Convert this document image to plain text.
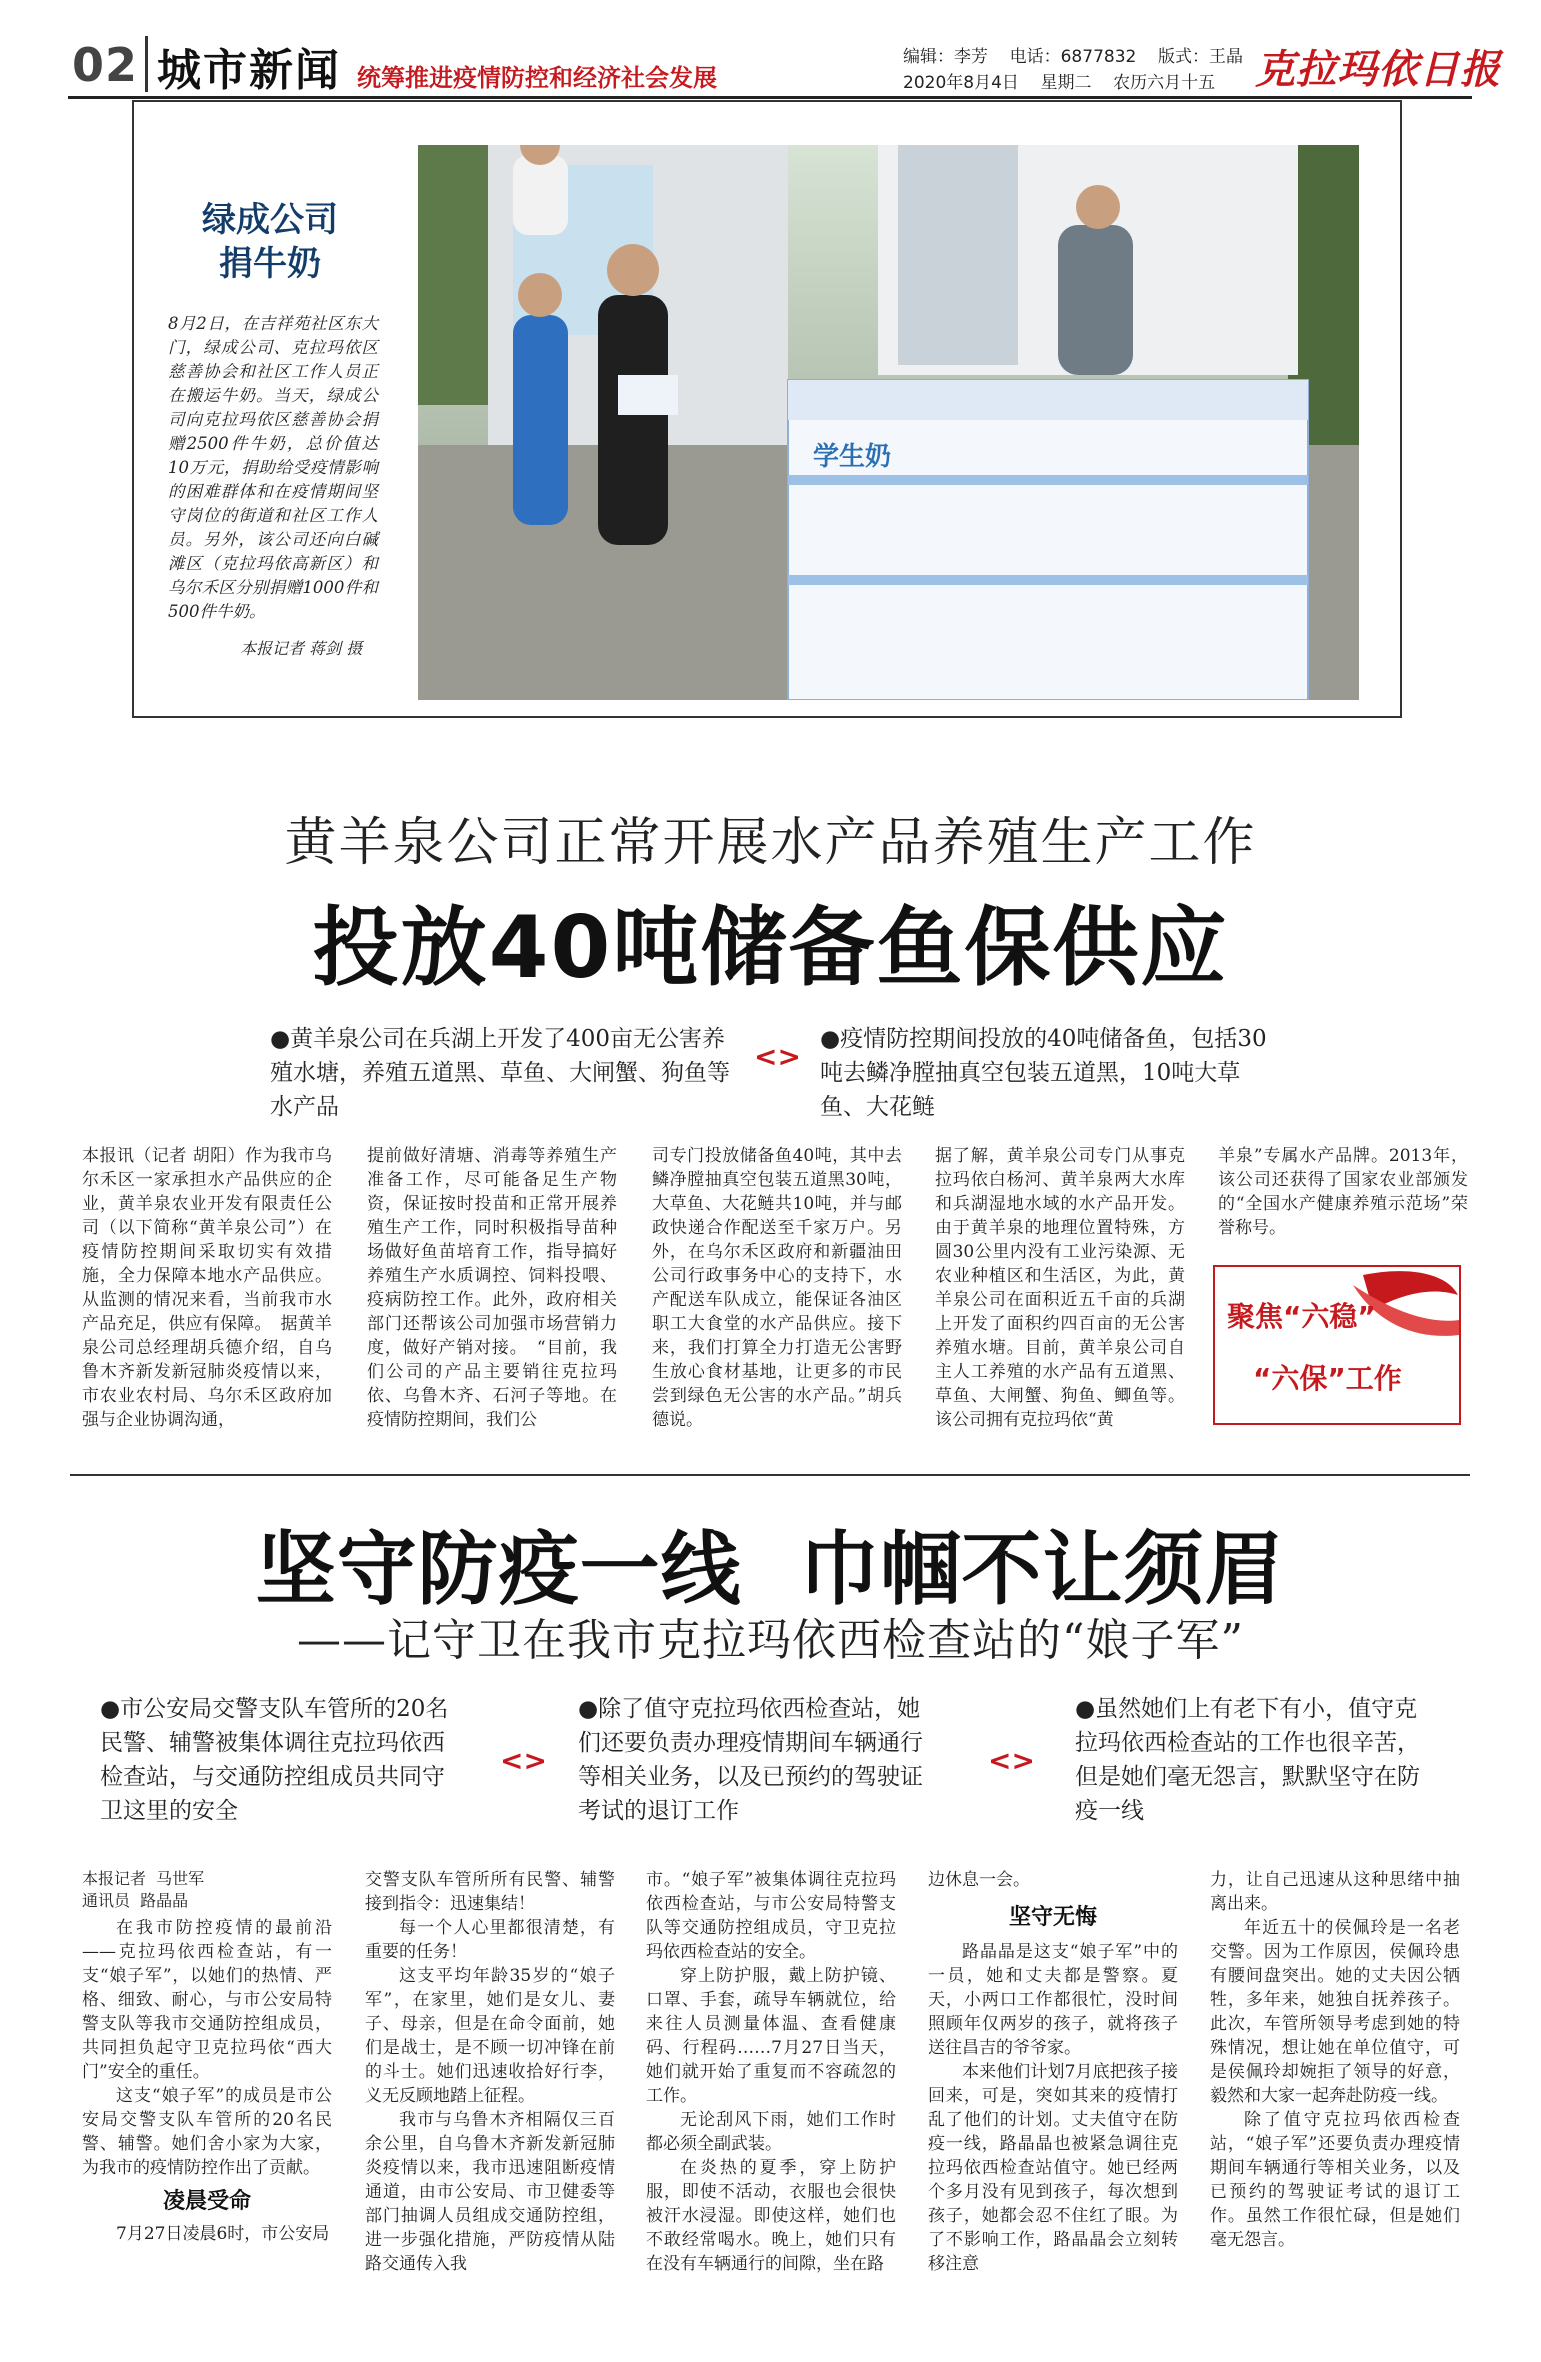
02 城市新闻 统筹推进疫情防控和经济社会发展
编辑：李芳    电话：6877832    版式：王晶
2020年8月4日    星期二    农历六月十五 克拉玛依日报
绿成公司
捐牛奶
8月2日，在吉祥苑社区东大门，绿成公司、克拉玛依区慈善协会和社区工作人员正在搬运牛奶。当天，绿成公司向克拉玛依区慈善协会捐赠2500件牛奶，总价值达10万元，捐助给受疫情影响的困难群体和在疫情期间坚守岗位的街道和社区工作人员。另外，该公司还向白碱滩区（克拉玛依高新区）和乌尔禾区分别捐赠1000件和500件牛奶。
本报记者 蒋剑 摄
学生奶
黄羊泉公司正常开展水产品养殖生产工作
投放40吨储备鱼保供应
●黄羊泉公司在兵湖上开发了400亩无公害养殖水塘，养殖五道黑、草鱼、大闸蟹、狗鱼等水产品
<>
●疫情防控期间投放的40吨储备鱼，包括30吨去鳞净膛抽真空包装五道黑，10吨大草鱼、大花鲢
本报讯（记者 胡阳）作为我市乌尔禾区一家承担水产品供应的企业，黄羊泉农业开发有限责任公司（以下简称“黄羊泉公司”）在疫情防控期间采取切实有效措施，全力保障本地水产品供应。从监测的情况来看，当前我市水产品充足，供应有保障。　据黄羊泉公司总经理胡兵德介绍，自乌鲁木齐新发新冠肺炎疫情以来，市农业农村局、乌尔禾区政府加强与企业协调沟通，
提前做好清塘、消毒等养殖生产准备工作，尽可能备足生产物资，保证按时投苗和正常开展养殖生产工作，同时积极指导苗种场做好鱼苗培育工作，指导搞好养殖生产水质调控、饲料投喂、疫病防控工作。此外，政府相关部门还帮该公司加强市场营销力度，做好产销对接。　“目前，我们公司的产品主要销往克拉玛依、乌鲁木齐、石河子等地。在疫情防控期间，我们公
司专门投放储备鱼40吨，其中去鳞净膛抽真空包装五道黑30吨，大草鱼、大花鲢共10吨，并与邮政快递合作配送至千家万户。另外，在乌尔禾区政府和新疆油田公司行政事务中心的支持下，水产配送车队成立，能保证各油区职工大食堂的水产品供应。接下来，我们打算全力打造无公害野生放心食材基地，让更多的市民尝到绿色无公害的水产品。”胡兵德说。
据了解，黄羊泉公司专门从事克拉玛依白杨河、黄羊泉两大水库和兵湖湿地水域的水产品开发。由于黄羊泉的地理位置特殊，方圆30公里内没有工业污染源、无农业种植区和生活区，为此，黄羊泉公司在面积近五千亩的兵湖上开发了面积约四百亩的无公害养殖水塘。目前，黄羊泉公司自主人工养殖的水产品有五道黑、草鱼、大闸蟹、狗鱼、鲫鱼等。该公司拥有克拉玛依“黄
羊泉”专属水产品牌。2013年，该公司还获得了国家农业部颁发的“全国水产健康养殖示范场”荣誉称号。
聚焦“六稳”
“六保”工作
坚守防疫一线  巾帼不让须眉
——记守卫在我市克拉玛依西检查站的“娘子军”
●市公安局交警支队车管所的20名民警、辅警被集体调往克拉玛依西检查站，与交通防控组成员共同守卫这里的安全
<>
●除了值守克拉玛依西检查站，她们还要负责办理疫情期间车辆通行等相关业务，以及已预约的驾驶证考试的退订工作
<>
●虽然她们上有老下有小，值守克拉玛依西检查站的工作也很辛苦，但是她们毫无怨言，默默坚守在防疫一线
本报记者  马世军
通讯员  路晶晶

在我市防控疫情的最前沿——克拉玛依西检查站，有一支“娘子军”，以她们的热情、严格、细致、耐心，与市公安局特警支队等我市交通防控组成员，共同担负起守卫克拉玛依“西大门”安全的重任。

这支“娘子军”的成员是市公安局交警支队车管所的20名民警、辅警。她们舍小家为大家，为我市的疫情防控作出了贡献。

凌晨受命

7月27日凌晨6时，市公安局

交警支队车管所所有民警、辅警接到指令：迅速集结！

每一个人心里都很清楚，有重要的任务！

这支平均年龄35岁的“娘子军”，在家里，她们是女儿、妻子、母亲，但是在命令面前，她们是战士，是不顾一切冲锋在前的斗士。她们迅速收拾好行李，义无反顾地踏上征程。

我市与乌鲁木齐相隔仅三百余公里，自乌鲁木齐新发新冠肺炎疫情以来，我市迅速阻断疫情通道，由市公安局、市卫健委等部门抽调人员组成交通防控组，进一步强化措施，严防疫情从陆路交通传入我

市。“娘子军”被集体调往克拉玛依西检查站，与市公安局特警支队等交通防控组成员，守卫克拉玛依西检查站的安全。

穿上防护服，戴上防护镜、口罩、手套，疏导车辆就位，给来往人员测量体温、查看健康码、行程码……7月27日当天，她们就开始了重复而不容疏忽的工作。

无论刮风下雨，她们工作时都必须全副武装。

在炎热的夏季，穿上防护服，即使不活动，衣服也会很快被汗水浸湿。即使这样，她们也不敢经常喝水。晚上，她们只有在没有车辆通行的间隙，坐在路

边休息一会。

坚守无悔

路晶晶是这支“娘子军”中的一员，她和丈夫都是警察。夏天，小两口工作都很忙，没时间照顾年仅两岁的孩子，就将孩子送往昌吉的爷爷家。

本来他们计划7月底把孩子接回来，可是，突如其来的疫情打乱了他们的计划。丈夫值守在防疫一线，路晶晶也被紧急调往克拉玛依西检查站值守。她已经两个多月没有见到孩子，每次想到孩子，她都会忍不住红了眼。为了不影响工作，路晶晶会立刻转移注意

力，让自己迅速从这种思绪中抽离出来。

年近五十的侯佩玲是一名老交警。因为工作原因，侯佩玲患有腰间盘突出。她的丈夫因公牺牲，多年来，她独自抚养孩子。此次，车管所领导考虑到她的特殊情况，想让她在单位值守，可是侯佩玲却婉拒了领导的好意，毅然和大家一起奔赴防疫一线。

除了值守克拉玛依西检查站，“娘子军”还要负责办理疫情期间车辆通行等相关业务，以及已预约的驾驶证考试的退订工作。虽然工作很忙碌，但是她们毫无怨言。
